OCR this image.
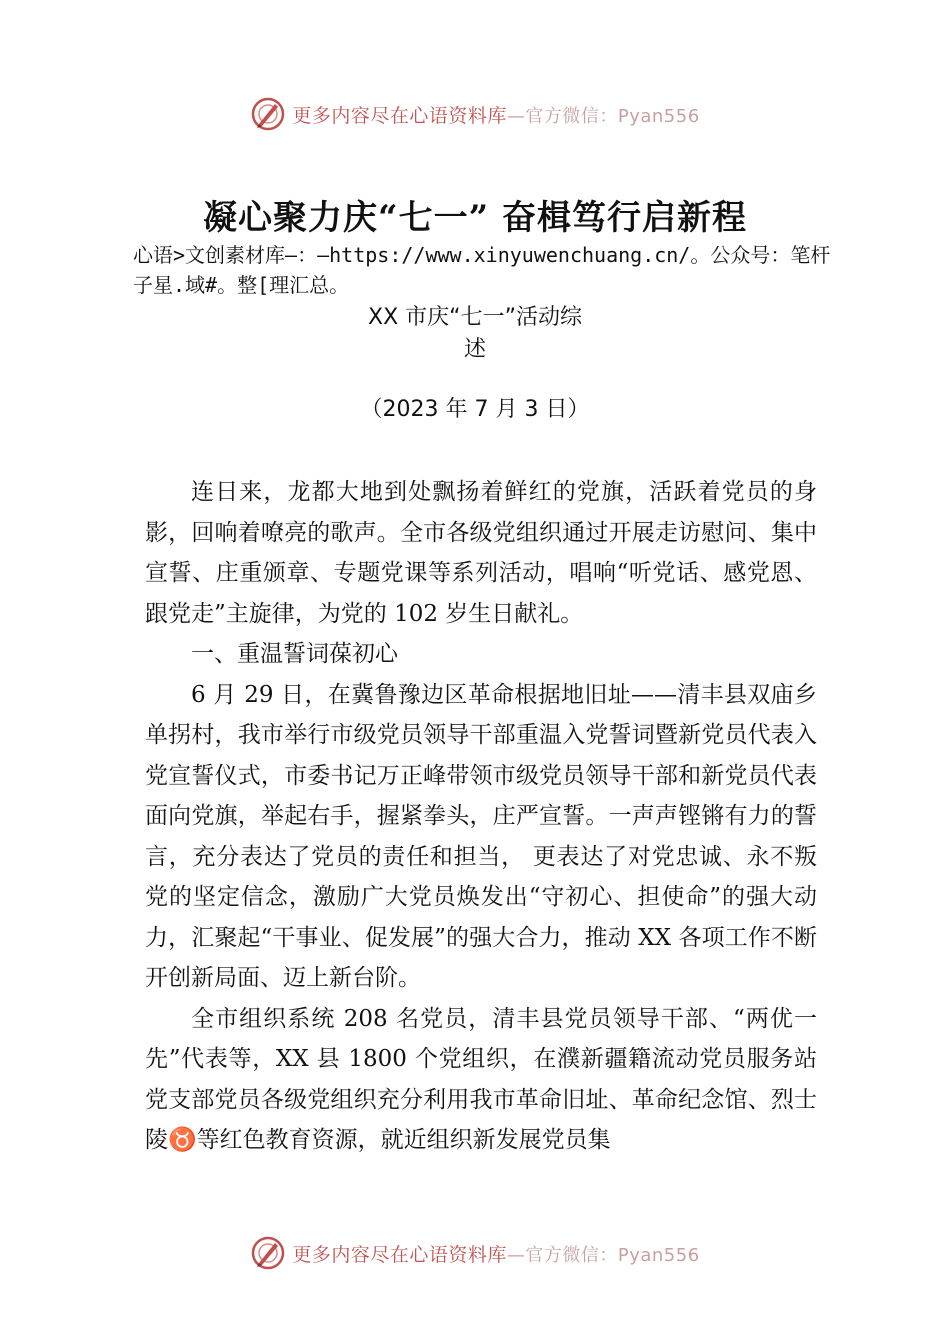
更多内容尽在心语资料库—官方微信：Pyan556
凝心聚力庆“七一” 奋楫笃行启新程
心语>文创素材库—：—https://www.xinyuwenchuang.cn/。公众号：笔杆子星.域#。整[理汇总。
XX 市庆“七一”活动综
述
（2023 年 7 月 3 日）

连日来，龙都大地到处飘扬着鲜红的党旗，活跃着党员的身影，回响着嘹亮的歌声。全市各级党组织通过开展走访慰问、集中宣誓、庄重颁章、专题党课等系列活动，唱响“听党话、感党恩、跟党走”主旋律，为党的 102 岁生日献礼。

一、重温誓词葆初心

6 月 29 日，在冀鲁豫边区革命根据地旧址——清丰县双庙乡单拐村，我市举行市级党员领导干部重温入党誓词暨新党员代表入党宣誓仪式，市委书记万正峰带领市级党员领导干部和新党员代表面向党旗，举起右手，握紧拳头，庄严宣誓。一声声铿锵有力的誓言，充分表达了党员的责任和担当， 更表达了对党忠诚、永不叛党的坚定信念，激励广大党员焕发出“守初心、担使命”的强大动力，汇聚起“干事业、促发展”的强大合力，推动 XX 各项工作不断开创新局面、迈上新台阶。

全市组织系统 208 名党员，清丰县党员领导干部、“两优一先”代表等，XX 县 1800 个党组织，在濮新疆籍流动党员服务站党支部党员各级党组织充分利用我市革命旧址、革命纪念馆、烈士陵♉等红色教育资源，就近组织新发展党员集

更多内容尽在心语资料库—官方微信：Pyan556
